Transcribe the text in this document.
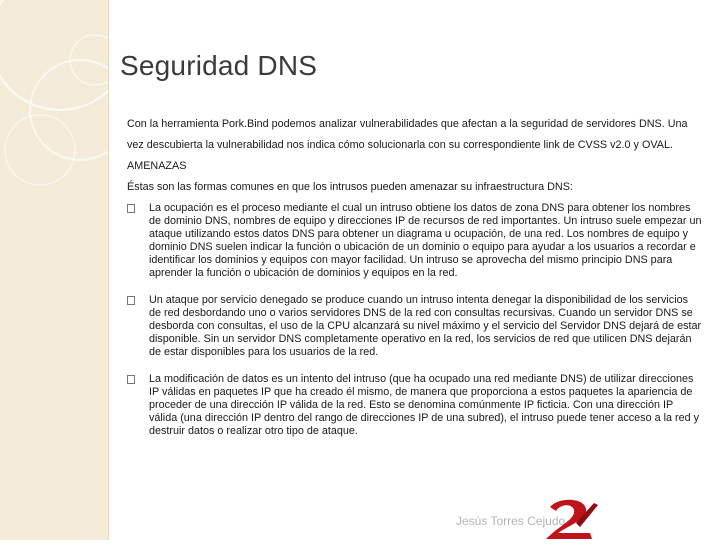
Seguridad DNS

Con la herramienta Pork.Bind podemos analizar vulnerabilidades que afectan a la seguridad de servidores DNS. Una

vez descubierta la vulnerabilidad nos indica cómo solucionarla con su correspondiente link de CVSS v2.0 y OVAL.

AMENAZAS

Éstas son las formas comunes en que los intrusos pueden amenazar su infraestructura DNS:

La ocupación es el proceso mediante el cual un intruso obtiene los datos de zona DNS para obtener los nombres de dominio DNS, nombres de equipo y direcciones IP de recursos de red importantes. Un intruso suele empezar un ataque utilizando estos datos DNS para obtener un diagrama u ocupación, de una red. Los nombres de equipo y dominio DNS suelen indicar la función o ubicación de un dominio o equipo para ayudar a los usuarios a recordar e identificar los dominios y equipos con mayor facilidad. Un intruso se aprovecha del mismo principio DNS para aprender la función o ubicación de dominios y equipos en la red.
Un ataque por servicio denegado se produce cuando un intruso intenta denegar la disponibilidad de los servicios de red desbordando uno o varios servidores DNS de la red con consultas recursivas. Cuando un servidor DNS se desborda con consultas, el uso de la CPU alcanzará su nivel máximo y el servicio del Servidor DNS dejará de estar disponible. Sin un servidor DNS completamente operativo en la red, los servicios de red que utilicen DNS dejarán de estar disponibles para los usuarios de la red.
La modificación de datos es un intento del intruso (que ha ocupado una red mediante DNS) de utilizar direcciones IP válidas en paquetes IP que ha creado él mismo, de manera que proporciona a estos paquetes la apariencia de proceder de una dirección IP válida de la red. Esto se denomina comúnmente IP ficticia. Con una dirección IP válida (una dirección IP dentro del rango de direcciones IP de una subred), el intruso puede tener acceso a la red y destruir datos o realizar otro tipo de ataque.
Jesús Torres Cejudo
